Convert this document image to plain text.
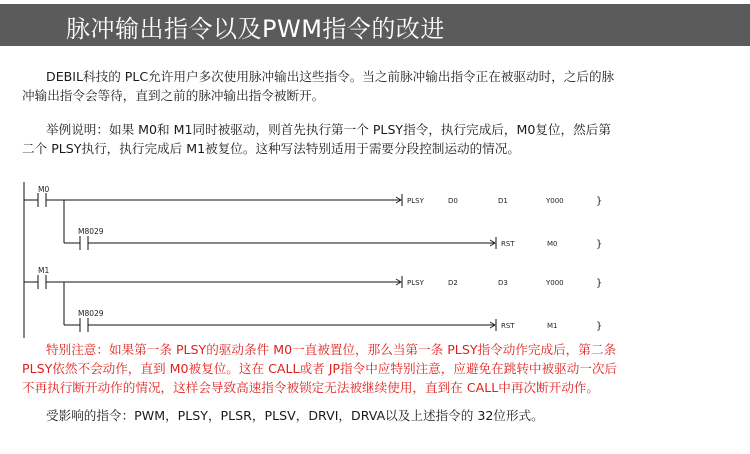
脉冲输出指令以及PWM指令的改进

DEBIL科技的 PLC允许用户多次使用脉冲输出这些指令。当之前脉冲输出指令正在被驱动时，之后的脉

冲输出指令会等待，直到之前的脉冲输出指令被断开。

举例说明：如果 M0和 M1同时被驱动，则首先执行第一个 PLSY指令，执行完成后，M0复位，然后第

二个 PLSY执行，执行完成后 M1被复位。这种写法特别适用于需要分段控制运动的情况。

M0
PLSY	D0	D1	Y000	}
M8029
RST	M0	}
M1
PLSY	D2	D3	Y000	}
M8029
RST	M1	}

特别注意：如果第一条 PLSY的驱动条件 M0一直被置位，那么当第一条 PLSY指令动作完成后，第二条

PLSY依然不会动作，直到 M0被复位。这在 CALL或者 JP指令中应特别注意，应避免在跳转中被驱动一次后

不再执行断开动作的情况，这样会导致高速指令被锁定无法被继续使用，直到在 CALL中再次断开动作。

受影响的指令：PWM，PLSY，PLSR，PLSV，DRVI，DRVA以及上述指令的 32位形式。
